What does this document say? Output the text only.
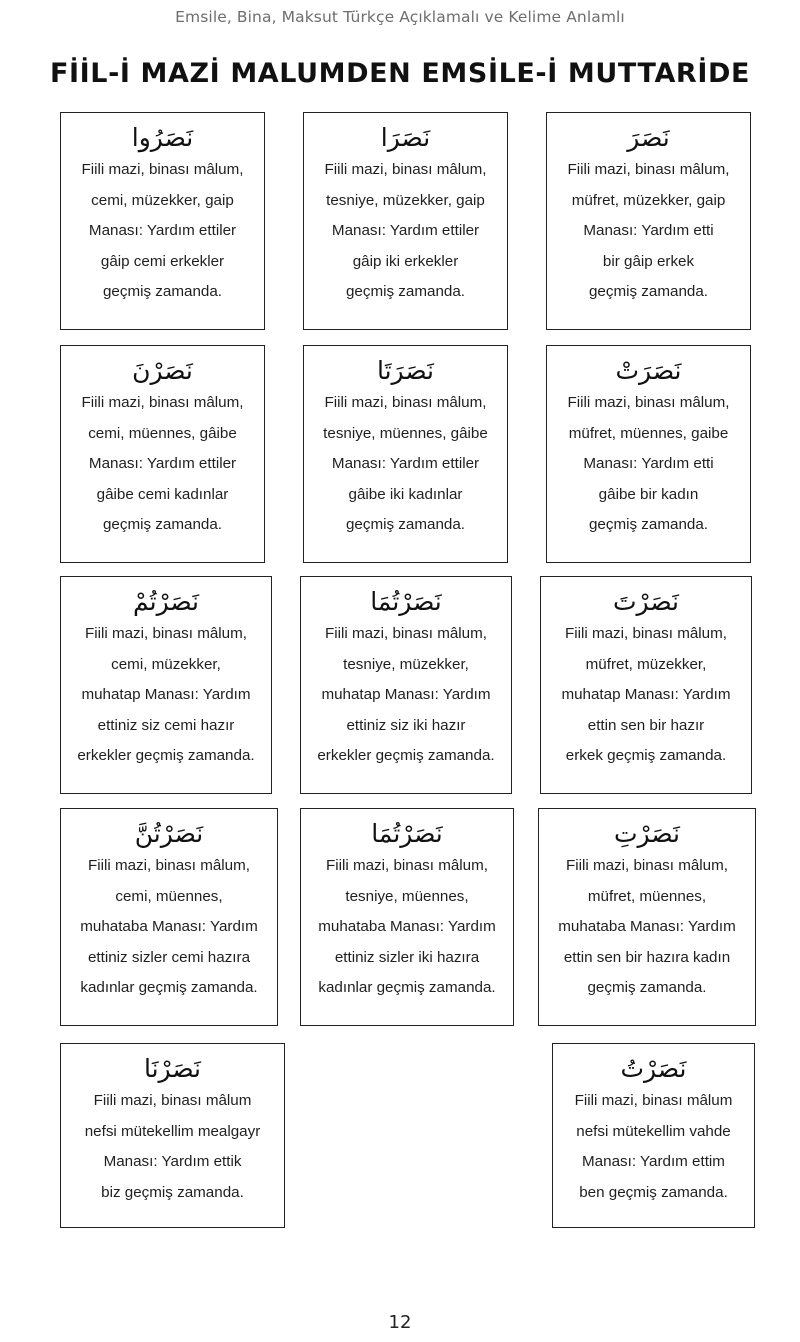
Emsile, Bina, Maksut Türkçe Açıklamalı ve Kelime Anlamlı
FİİL-İ MAZİ MALUMDEN EMSİLE-İ MUTTARİDE
نَصَرُوا
Fiili mazi, binası mâlum,
cemi, müzekker, gaip
Manası: Yardım ettiler
gâip cemi erkekler
geçmiş zamanda.
نَصَرَا
Fiili mazi, binası mâlum,
tesniye, müzekker, gaip
Manası: Yardım ettiler
gâip iki erkekler
geçmiş zamanda.
نَصَرَ
Fiili mazi, binası mâlum,
müfret, müzekker, gaip
Manası: Yardım etti
bir gâip erkek
geçmiş zamanda.
نَصَرْنَ
Fiili mazi, binası mâlum,
cemi, müennes, gâibe
Manası: Yardım ettiler
gâibe cemi kadınlar
geçmiş zamanda.
نَصَرَتَا
Fiili mazi, binası mâlum,
tesniye, müennes, gâibe
Manası: Yardım ettiler
gâibe iki kadınlar
geçmiş zamanda.
نَصَرَتْ
Fiili mazi, binası mâlum,
müfret, müennes, gaibe
Manası: Yardım etti
gâibe bir kadın
geçmiş zamanda.
نَصَرْتُمْ
Fiili mazi, binası mâlum,
cemi, müzekker,
muhatap Manası: Yardım
ettiniz siz cemi hazır
erkekler geçmiş zamanda.
نَصَرْتُمَا
Fiili mazi, binası mâlum,
tesniye, müzekker,
muhatap Manası: Yardım
ettiniz siz iki hazır
erkekler geçmiş zamanda.
نَصَرْتَ
Fiili mazi, binası mâlum,
müfret, müzekker,
muhatap Manası: Yardım
ettin sen bir hazır
erkek geçmiş zamanda.
نَصَرْتُنَّ
Fiili mazi, binası mâlum,
cemi, müennes,
muhataba Manası: Yardım
ettiniz sizler cemi hazıra
kadınlar geçmiş zamanda.
نَصَرْتُمَا
Fiili mazi, binası mâlum,
tesniye, müennes,
muhataba Manası: Yardım
ettiniz sizler iki hazıra
kadınlar geçmiş zamanda.
نَصَرْتِ
Fiili mazi, binası mâlum,
müfret, müennes,
muhataba Manası: Yardım
ettin sen bir hazıra kadın
geçmiş zamanda.
نَصَرْنَا
Fiili mazi, binası mâlum
nefsi mütekellim mealgayr
Manası: Yardım ettik
biz geçmiş zamanda.
نَصَرْتُ
Fiili mazi, binası mâlum
nefsi mütekellim vahde
Manası: Yardım ettim
ben geçmiş zamanda.
12
